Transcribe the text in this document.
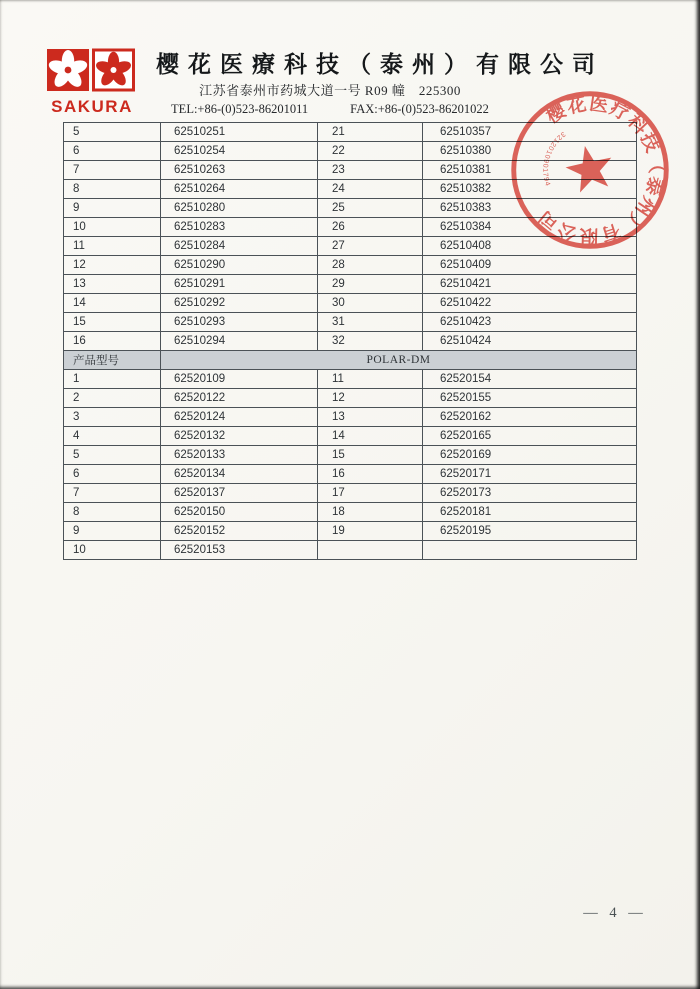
SAKURA
樱花医療科技（泰州）有限公司
江苏省泰州市药城大道一号 R09 幢　225300
TEL:+86-(0)523-86201011	FAX:+86-(0)523-86201022
5	62510251	21	62510357
6	62510254	22	62510380
7	62510263	23	62510381
8	62510264	24	62510382
9	62510280	25	62510383
10	62510283	26	62510384
11	62510284	27	62510408
12	62510290	28	62510409
13	62510291	29	62510421
14	62510292	30	62510422
15	62510293	31	62510423
16	62510294	32	62510424
产品型号	POLAR-DM		
1	62520109	11	62520154
2	62520122	12	62520155
3	62520124	13	62520162
4	62520132	14	62520165
5	62520133	15	62520169
6	62520134	16	62520171
7	62520137	17	62520173
8	62520150	18	62520181
9	62520152	19	62520195
10	62520153		
樱花医疗科技（泰州）有限公司
3212010901794
— 4 —
